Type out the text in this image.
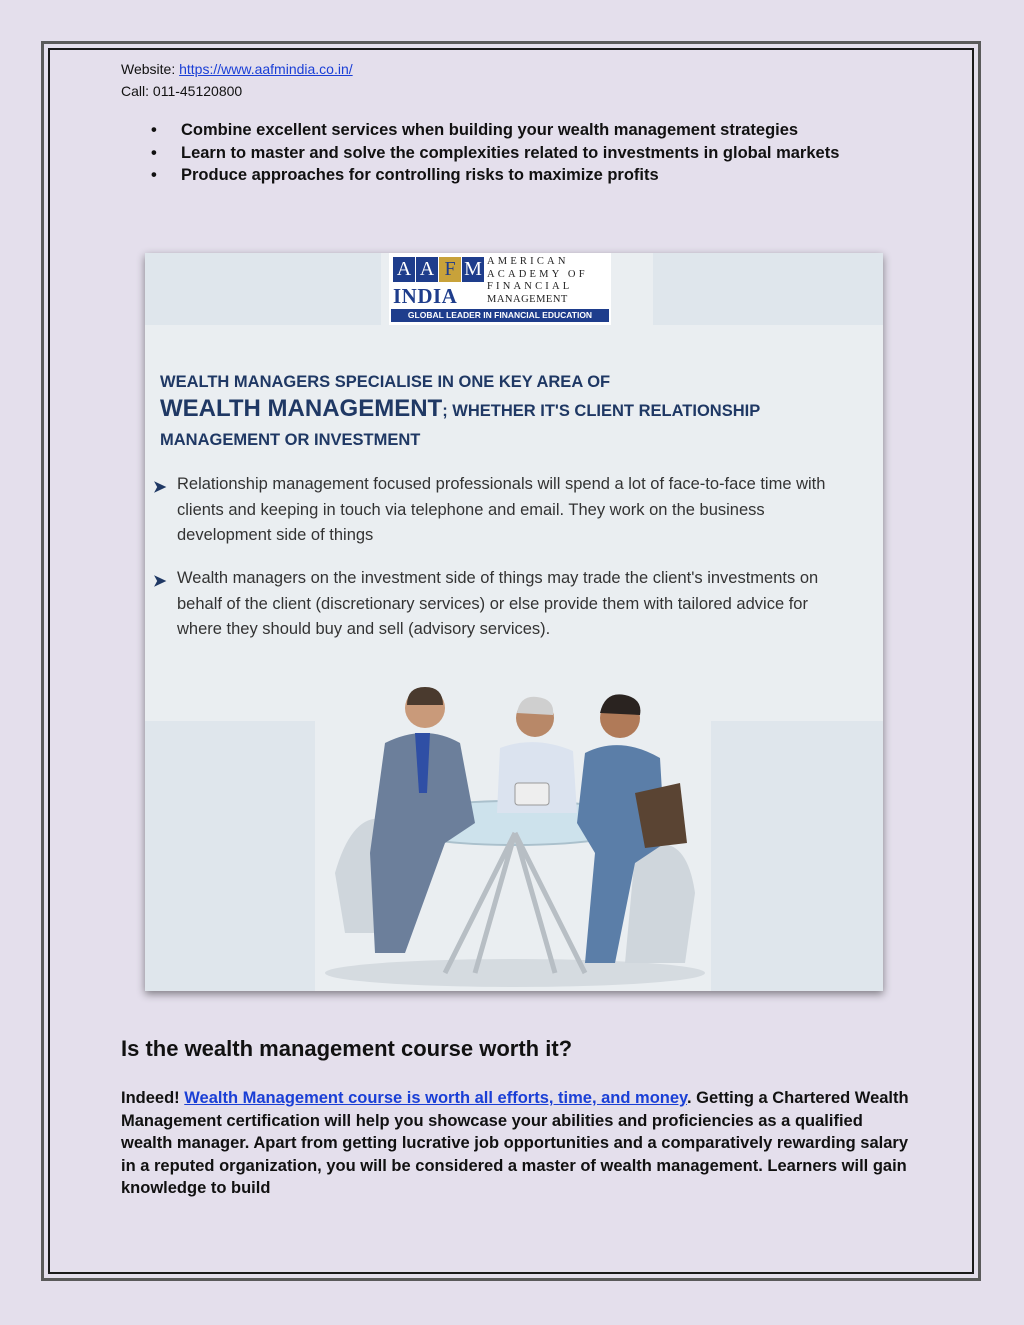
Website: https://www.aafmindia.co.in/
Call: 011-45120800
• Combine excellent services when building your wealth management strategies
• Learn to master and solve the complexities related to investments in global markets
• Produce approaches for controlling risks to maximize profits
A A F M
INDIA
AMERICAN
ACADEMY OF
FINANCIAL
MANAGEMENT
GLOBAL LEADER IN FINANCIAL EDUCATION
WEALTH MANAGERS SPECIALISE IN ONE KEY AREA OF
WEALTH MANAGEMENT; WHETHER IT'S CLIENT RELATIONSHIP
MANAGEMENT OR INVESTMENT
➤ Relationship management focused professionals will spend a lot of face-to-face time with clients and keeping in touch via telephone and email. They work on the business development side of things
➤ Wealth managers on the investment side of things may trade the client's investments on behalf of the client (discretionary services) or else provide them with tailored advice for where they should buy and sell (advisory services).
Is the wealth management course worth it?
Indeed! Wealth Management course is worth all efforts, time, and money. Getting a Chartered Wealth Management certification will help you showcase your abilities and proficiencies as a qualified wealth manager. Apart from getting lucrative job opportunities and a comparatively rewarding salary in a reputed organization, you will be considered a master of wealth management. Learners will gain knowledge to build
